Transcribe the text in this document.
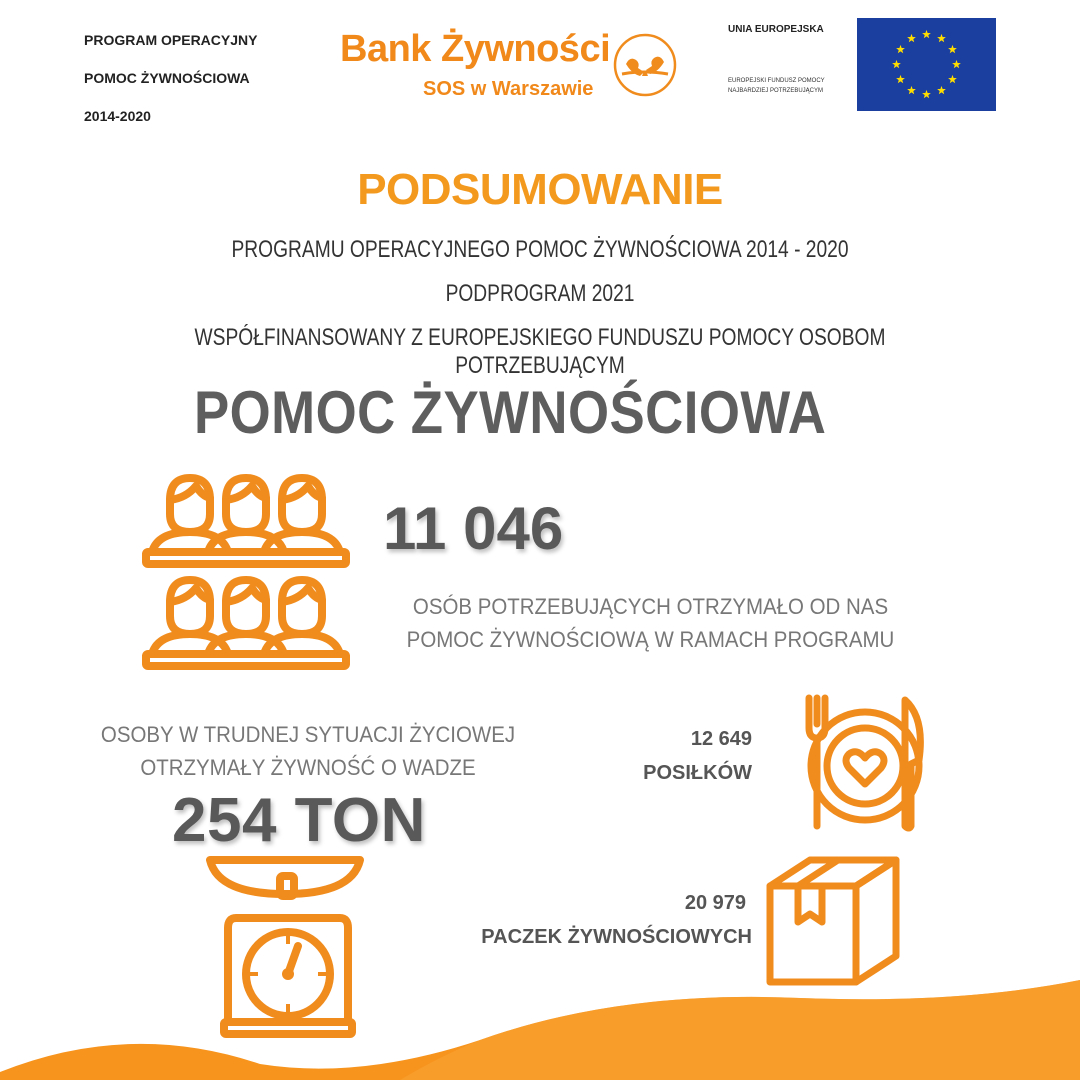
PROGRAM OPERACYJNY
POMOC ŻYWNOŚCIOWA
2014-2020
Bank Żywności
SOS w Warszawie
UNIA EUROPEJSKA
EUROPEJSKI FUNDUSZ POMOCY
NAJBARDZIEJ POTRZEBUJĄCYM
PODSUMOWANIE
PROGRAMU OPERACYJNEGO POMOC ŻYWNOŚCIOWA 2014 - 2020
PODPROGRAM 2021
WSPÓŁFINANSOWANY Z EUROPEJSKIEGO FUNDUSZU POMOCY OSOBOM POTRZEBUJĄCYM
POMOC ŻYWNOŚCIOWA
11 046
OSÓB POTRZEBUJĄCYCH OTRZYMAŁO OD NAS
POMOC ŻYWNOŚCIOWĄ W RAMACH PROGRAMU
OSOBY W TRUDNEJ SYTUACJI ŻYCIOWEJ
OTRZYMAŁY ŻYWNOŚĆ O WADZE
254 TON
12 649
POSIŁKÓW
20 979
PACZEK ŻYWNOŚCIOWYCH
